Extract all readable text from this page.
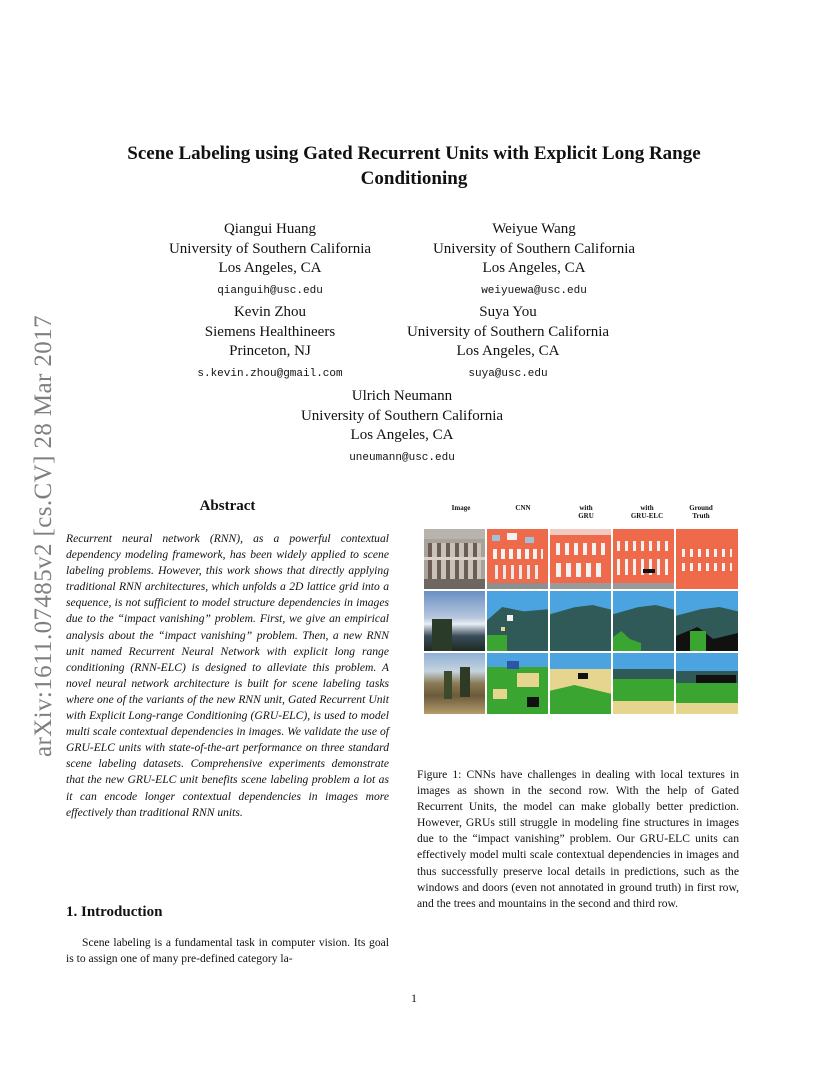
arXiv:1611.07485v2 [cs.CV] 28 Mar 2017
Scene Labeling using Gated Recurrent Units with Explicit Long Range
Conditioning
Qiangui Huang
University of Southern California
Los Angeles, CA
qianguih@usc.edu
Weiyue Wang
University of Southern California
Los Angeles, CA
weiyuewa@usc.edu
Kevin Zhou
Siemens Healthineers
Princeton, NJ
s.kevin.zhou@gmail.com
Suya You
University of Southern California
Los Angeles, CA
suya@usc.edu
Ulrich Neumann
University of Southern California
Los Angeles, CA
uneumann@usc.edu
Abstract
Recurrent neural network (RNN), as a powerful contextual dependency modeling framework, has been widely applied to scene labeling problems. However, this work shows that directly applying traditional RNN architectures, which unfolds a 2D lattice grid into a sequence, is not sufficient to model structure dependencies in images due to the “impact vanishing” problem. First, we give an empirical analysis about the “impact vanishing” problem. Then, a new RNN unit named Recurrent Neural Network with explicit long range conditioning (RNN-ELC) is designed to alleviate this problem. A novel neural network architecture is built for scene labeling tasks where one of the variants of the new RNN unit, Gated Recurrent Unit with Explicit Long-range Conditioning (GRU-ELC), is used to model multi scale contextual dependencies in images. We validate the use of GRU-ELC units with state-of-the-art performance on three standard scene labeling datasets. Comprehensive experiments demonstrate that the new GRU-ELC unit benefits scene labeling problem a lot as it can encode longer contextual dependencies in images more effectively than traditional RNN units.
1. Introduction
Scene labeling is a fundamental task in computer vision. Its goal is to assign one of many pre-defined category la-
Image	CNN	with
GRU
with
GRU-ELC
Ground
Truth
Figure 1: CNNs have challenges in dealing with local textures in images as shown in the second row. With the help of Gated Recurrent Units, the model can make globally better prediction. However, GRUs still struggle in modeling fine structures in images due to the “impact vanishing” problem. Our GRU-ELC units can effectively model multi scale contextual dependencies in images and thus successfully preserve local details in predictions, such as the windows and doors (even not annotated in ground truth) in first row, and the trees and mountains in the second and third row.
1
